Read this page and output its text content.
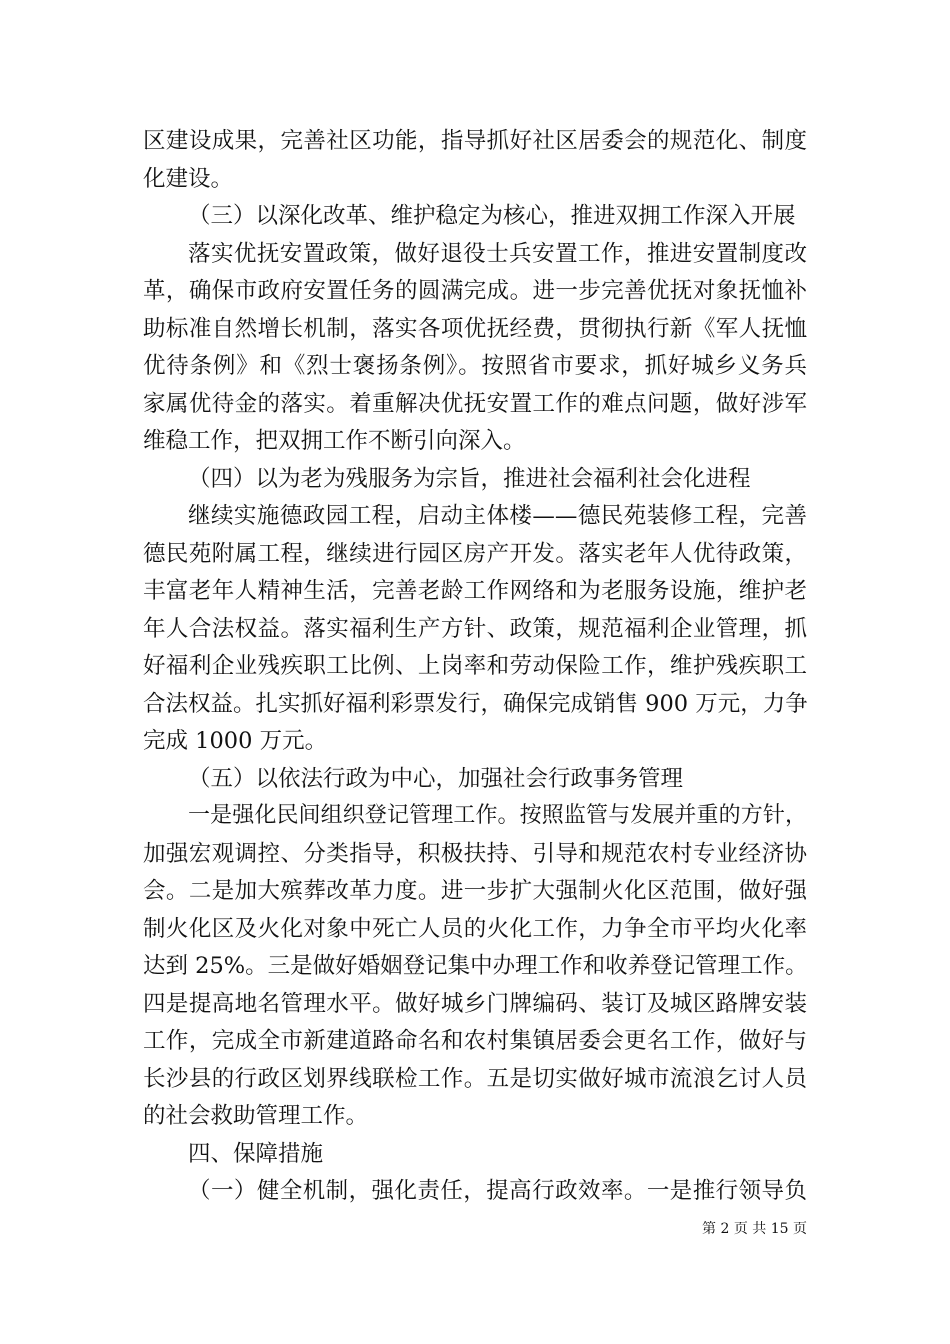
区建设成果，完善社区功能，指导抓好社区居委会的规范化、制度
化建设。
（三）以深化改革、维护稳定为核心，推进双拥工作深入开展
落实优抚安置政策，做好退役士兵安置工作，推进安置制度改
革，确保市政府安置任务的圆满完成。进一步完善优抚对象抚恤补
助标准自然增长机制，落实各项优抚经费，贯彻执行新《军人抚恤
优待条例》和《烈士褒扬条例》。按照省市要求，抓好城乡义务兵
家属优待金的落实。着重解决优抚安置工作的难点问题，做好涉军
维稳工作，把双拥工作不断引向深入。
（四）以为老为残服务为宗旨，推进社会福利社会化进程
继续实施德政园工程，启动主体楼——德民苑装修工程，完善
德民苑附属工程，继续进行园区房产开发。落实老年人优待政策，
丰富老年人精神生活，完善老龄工作网络和为老服务设施，维护老
年人合法权益。落实福利生产方针、政策，规范福利企业管理，抓
好福利企业残疾职工比例、上岗率和劳动保险工作，维护残疾职工
合法权益。扎实抓好福利彩票发行，确保完成销售 900 万元，力争
完成 1000 万元。
（五）以依法行政为中心，加强社会行政事务管理
一是强化民间组织登记管理工作。按照监管与发展并重的方针，
加强宏观调控、分类指导，积极扶持、引导和规范农村专业经济协
会。二是加大殡葬改革力度。进一步扩大强制火化区范围，做好强
制火化区及火化对象中死亡人员的火化工作，力争全市平均火化率
达到 25%。三是做好婚姻登记集中办理工作和收养登记管理工作。
四是提高地名管理水平。做好城乡门牌编码、装订及城区路牌安装
工作，完成全市新建道路命名和农村集镇居委会更名工作，做好与
长沙县的行政区划界线联检工作。五是切实做好城市流浪乞讨人员
的社会救助管理工作。
四、保障措施
（一）健全机制，强化责任，提高行政效率。一是推行领导负
第 2 页 共 15 页
